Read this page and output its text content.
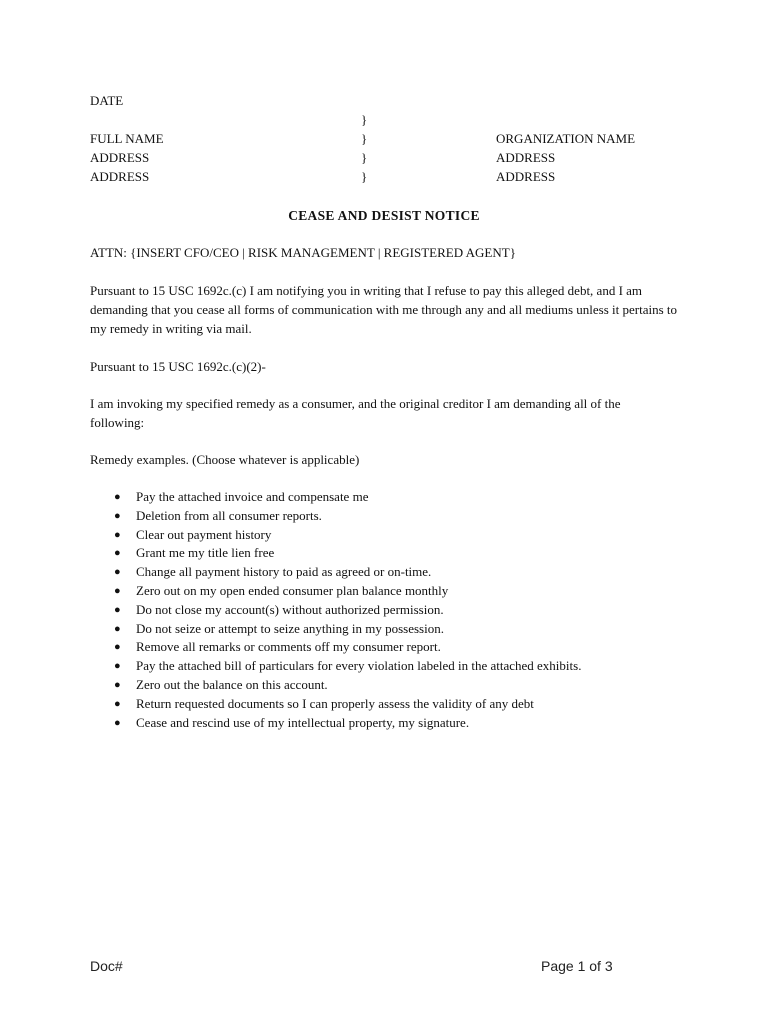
DATE
}
}
}
}
FULL NAME
ADDRESS
ADDRESS
ORGANIZATION NAME
ADDRESS
ADDRESS
CEASE AND DESIST NOTICE
ATTN: {INSERT CFO/CEO | RISK MANAGEMENT | REGISTERED AGENT}
Pursuant to 15 USC 1692c.(c) I am notifying you in writing that I refuse to pay this alleged debt, and I am demanding that you cease all forms of communication with me through any and all mediums unless it pertains to my remedy in writing via mail.
Pursuant to 15 USC 1692c.(c)(2)-
I am invoking my specified remedy as a consumer, and the original creditor I am demanding all of the following:
Remedy examples. (Choose whatever is applicable)
● Pay the attached invoice and compensate me
● Deletion from all consumer reports.
● Clear out payment history
● Grant me my title lien free
● Change all payment history to paid as agreed or on-time.
● Zero out on my open ended consumer plan balance monthly
● Do not close my account(s) without authorized permission.
● Do not seize or attempt to seize anything in my possession.
● Remove all remarks or comments off my consumer report.
● Pay the attached bill of particulars for every violation labeled in the attached exhibits.
● Zero out the balance on this account.
● Return requested documents so I can properly assess the validity of any debt
● Cease and rescind use of my intellectual property, my signature.
Doc#	Page 1 of 3
